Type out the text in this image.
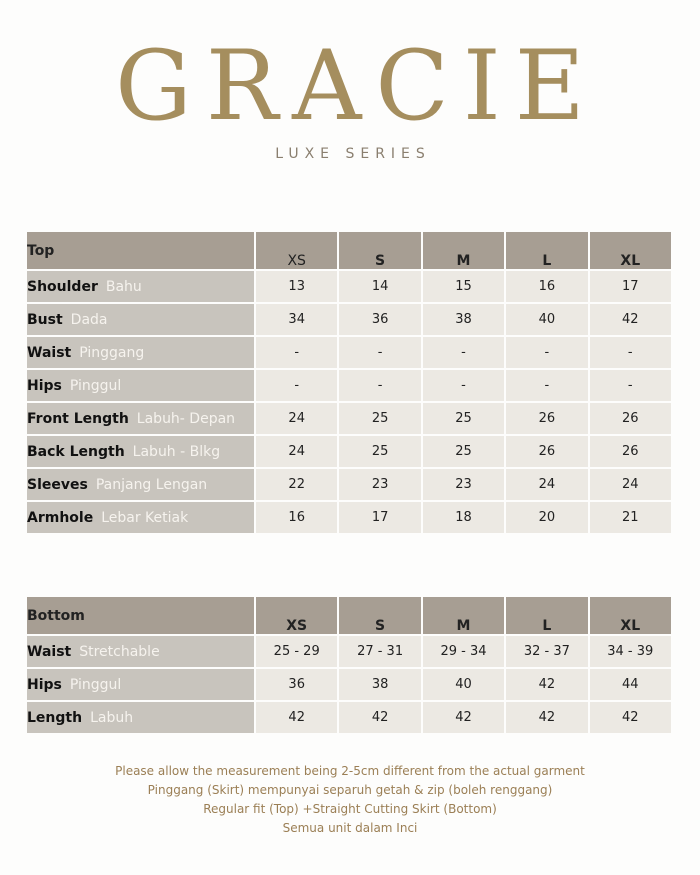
GRACIE
LUXE SERIES
Top	XS	S	M	L	XL
Shoulder Bahu	13	14	15	16	17
Bust Dada	34	36	38	40	42
Waist Pinggang	-	-	-	-	-
Hips Pinggul	-	-	-	-	-
Front Length Labuh- Depan	24	25	25	26	26
Back Length Labuh - Blkg	24	25	25	26	26
Sleeves Panjang Lengan	22	23	23	24	24
Armhole Lebar Ketiak	16	17	18	20	21
Bottom	XS	S	M	L	XL
Waist Stretchable	25 - 29	27 - 31	29 - 34	32 - 37	34 - 39
Hips Pinggul	36	38	40	42	44
Length Labuh	42	42	42	42	42
Please allow the measurement being 2-5cm different from the actual garment
Pinggang (Skirt) mempunyai separuh getah & zip (boleh renggang)
Regular fit (Top) +Straight Cutting Skirt (Bottom)
Semua unit dalam Inci
